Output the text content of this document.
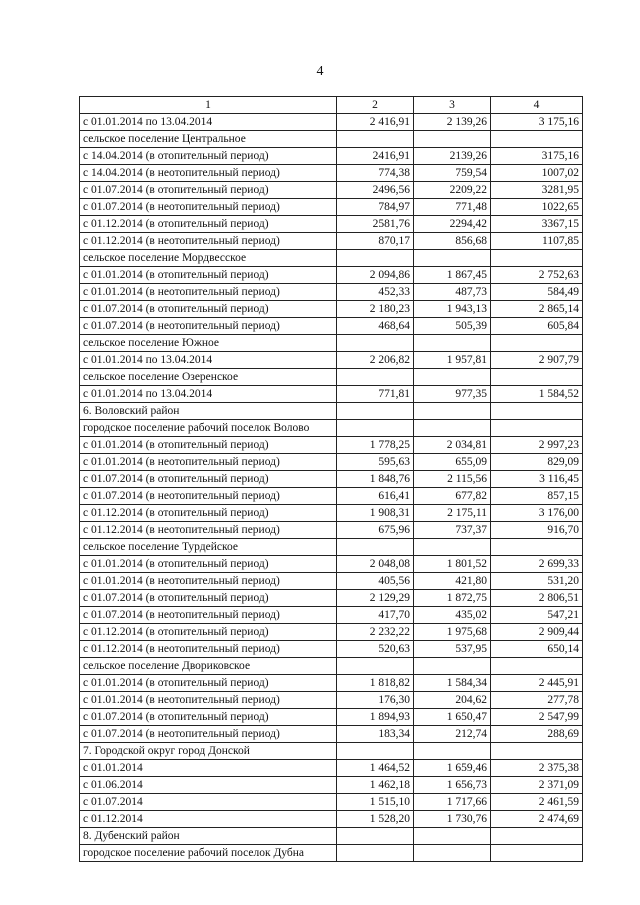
4
1	2	3	4
с 01.01.2014 по 13.04.2014	2 416,91	2 139,26	3 175,16
сельское поселение Центральное			
с 14.04.2014 (в отопительный период)	2416,91	2139,26	3175,16
с 14.04.2014 (в неотопительный период)	774,38	759,54	1007,02
с 01.07.2014 (в отопительный период)	2496,56	2209,22	3281,95
с 01.07.2014 (в неотопительный период)	784,97	771,48	1022,65
с 01.12.2014 (в отопительный период)	2581,76	2294,42	3367,15
с 01.12.2014 (в неотопительный период)	870,17	856,68	1107,85
сельское поселение Мордвесское			
с 01.01.2014 (в отопительный период)	2 094,86	1 867,45	2 752,63
с 01.01.2014 (в неотопительный период)	452,33	487,73	584,49
с 01.07.2014 (в отопительный период)	2 180,23	1 943,13	2 865,14
с 01.07.2014 (в неотопительный период)	468,64	505,39	605,84
сельское поселение Южное			
с 01.01.2014 по 13.04.2014	2 206,82	1 957,81	2 907,79
сельское поселение Озеренское			
с 01.01.2014 по 13.04.2014	771,81	977,35	1 584,52
6. Воловский район			
городское поселение рабочий поселок Волово			
с 01.01.2014 (в отопительный период)	1 778,25	2 034,81	2 997,23
с 01.01.2014 (в неотопительный период)	595,63	655,09	829,09
с 01.07.2014 (в отопительный период)	1 848,76	2 115,56	3 116,45
с 01.07.2014 (в неотопительный период)	616,41	677,82	857,15
с 01.12.2014 (в отопительный период)	1 908,31	2 175,11	3 176,00
с 01.12.2014 (в неотопительный период)	675,96	737,37	916,70
сельское поселение Турдейское			
с 01.01.2014 (в отопительный период)	2 048,08	1 801,52	2 699,33
с 01.01.2014 (в неотопительный период)	405,56	421,80	531,20
с 01.07.2014 (в отопительный период)	2 129,29	1 872,75	2 806,51
с 01.07.2014 (в неотопительный период)	417,70	435,02	547,21
с 01.12.2014 (в отопительный период)	2 232,22	1 975,68	2 909,44
с 01.12.2014 (в неотопительный период)	520,63	537,95	650,14
сельское поселение Двориковское			
с 01.01.2014 (в отопительный период)	1 818,82	1 584,34	2 445,91
с 01.01.2014 (в неотопительный период)	176,30	204,62	277,78
с 01.07.2014 (в отопительный период)	1 894,93	1 650,47	2 547,99
с 01.07.2014 (в неотопительный период)	183,34	212,74	288,69
7. Городской округ город Донской			
с 01.01.2014	1 464,52	1 659,46	2 375,38
с 01.06.2014	1 462,18	1 656,73	2 371,09
с 01.07.2014	1 515,10	1 717,66	2 461,59
с 01.12.2014	1 528,20	1 730,76	2 474,69
8. Дубенский район			
городское поселение рабочий поселок Дубна			
